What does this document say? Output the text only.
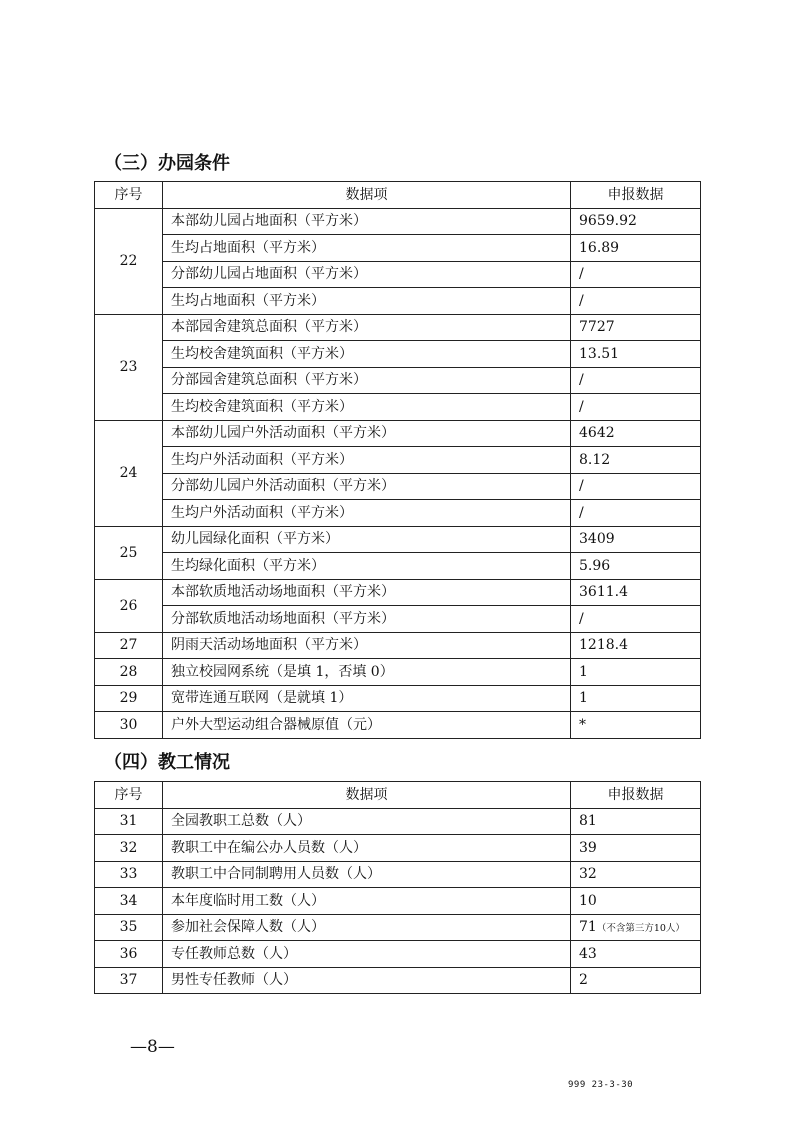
（三）办园条件
序号	数据项	申报数据
22	本部幼儿园占地面积（平方米）	9659.92
	生均占地面积（平方米）	16.89
	分部幼儿园占地面积（平方米）	/
	生均占地面积（平方米）	/
23	本部园舍建筑总面积（平方米）	7727
	生均校舍建筑面积（平方米）	13.51
	分部园舍建筑总面积（平方米）	/
	生均校舍建筑面积（平方米）	/
24	本部幼儿园户外活动面积（平方米）	4642
	生均户外活动面积（平方米）	8.12
	分部幼儿园户外活动面积（平方米）	/
	生均户外活动面积（平方米）	/
25	幼儿园绿化面积（平方米）	3409
	生均绿化面积（平方米）	5.96
26	本部软质地活动场地面积（平方米）	3611.4
	分部软质地活动场地面积（平方米）	/
27	阴雨天活动场地面积（平方米）	1218.4
28	独立校园网系统（是填 1，否填 0）	1
29	宽带连通互联网（是就填 1）	1
30	户外大型运动组合器械原值（元）	*
（四）教工情况
序号	数据项	申报数据
31	全园教职工总数（人）	81
32	教职工中在编公办人员数（人）	39
33	教职工中合同制聘用人员数（人）	32
34	本年度临时用工数（人）	10
35	参加社会保障人数（人）	71（不含第三方10人）
36	专任教师总数（人）	43
37	男性专任教师（人）	2
—8—
999 23-3-30
